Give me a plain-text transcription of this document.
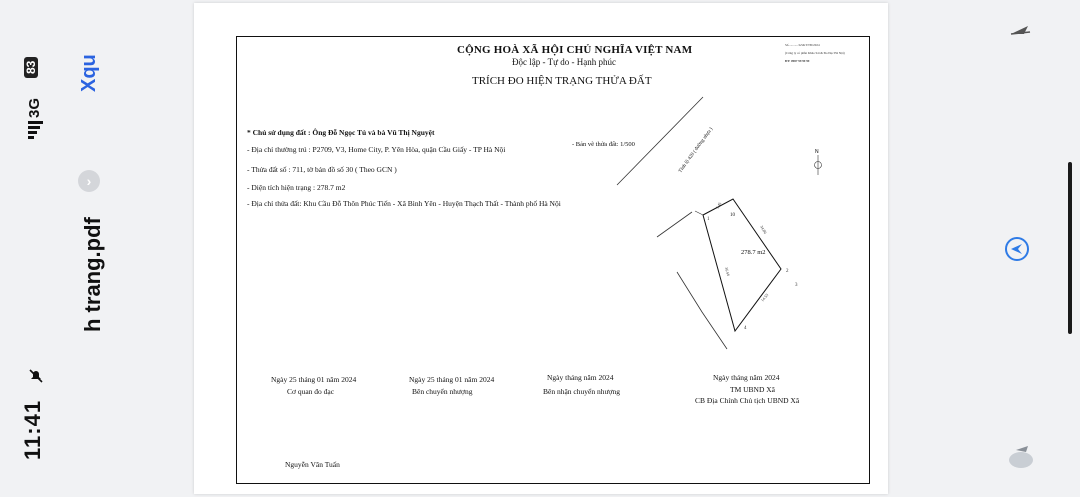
11:41
3G
83
h trang.pdf
›
Xqu
CỘNG HOÀ XÃ HỘI CHỦ NGHĨA VIỆT NAM
Độc lập - Tự do - Hạnh phúc
TRÍCH ĐO HIỆN TRẠNG THỬA ĐẤT
Số............/GSKT/TĐ/2024
(Công ty cổ phần Khảo Sát & Đo Đạc Hà Nội)
ĐT: 0987 99 99 99
* Chủ sử dụng đất : Ông Đỗ Ngọc Tú và bà Vũ Thị Nguyệt
- Địa chỉ thường trú : P2709, V3, Home City, P. Yên Hòa, quận Cầu Giấy - TP Hà Nội
- Thửa đất số : 711, tờ bản đồ số 30 ( Theo GCN )
- Diện tích hiện trạng : 278.7 m2
- Địa chỉ thửa đất: Khu Cầu Đỗ Thôn Phúc Tiến - Xã Bình Yên - Huyện Thạch Thất - Thành phố Hà Nội
- Bản vẽ thửa đất: 1/500
N
Tỉnh lộ 420 ( đường nhựa )
278.7 m2
10
1
2
3
4
5.45
34.86
14.55
36.66
Ngày 25 tháng 01 năm 2024
Cơ quan đo đạc
Nguyễn Văn Tuấn
Ngày 25 tháng 01 năm 2024
Bên chuyển nhượng
Ngày tháng năm 2024
Bên nhận chuyển nhượng
Ngày tháng năm 2024
TM UBND Xã
CB Địa Chính Chủ tịch UBND Xã
